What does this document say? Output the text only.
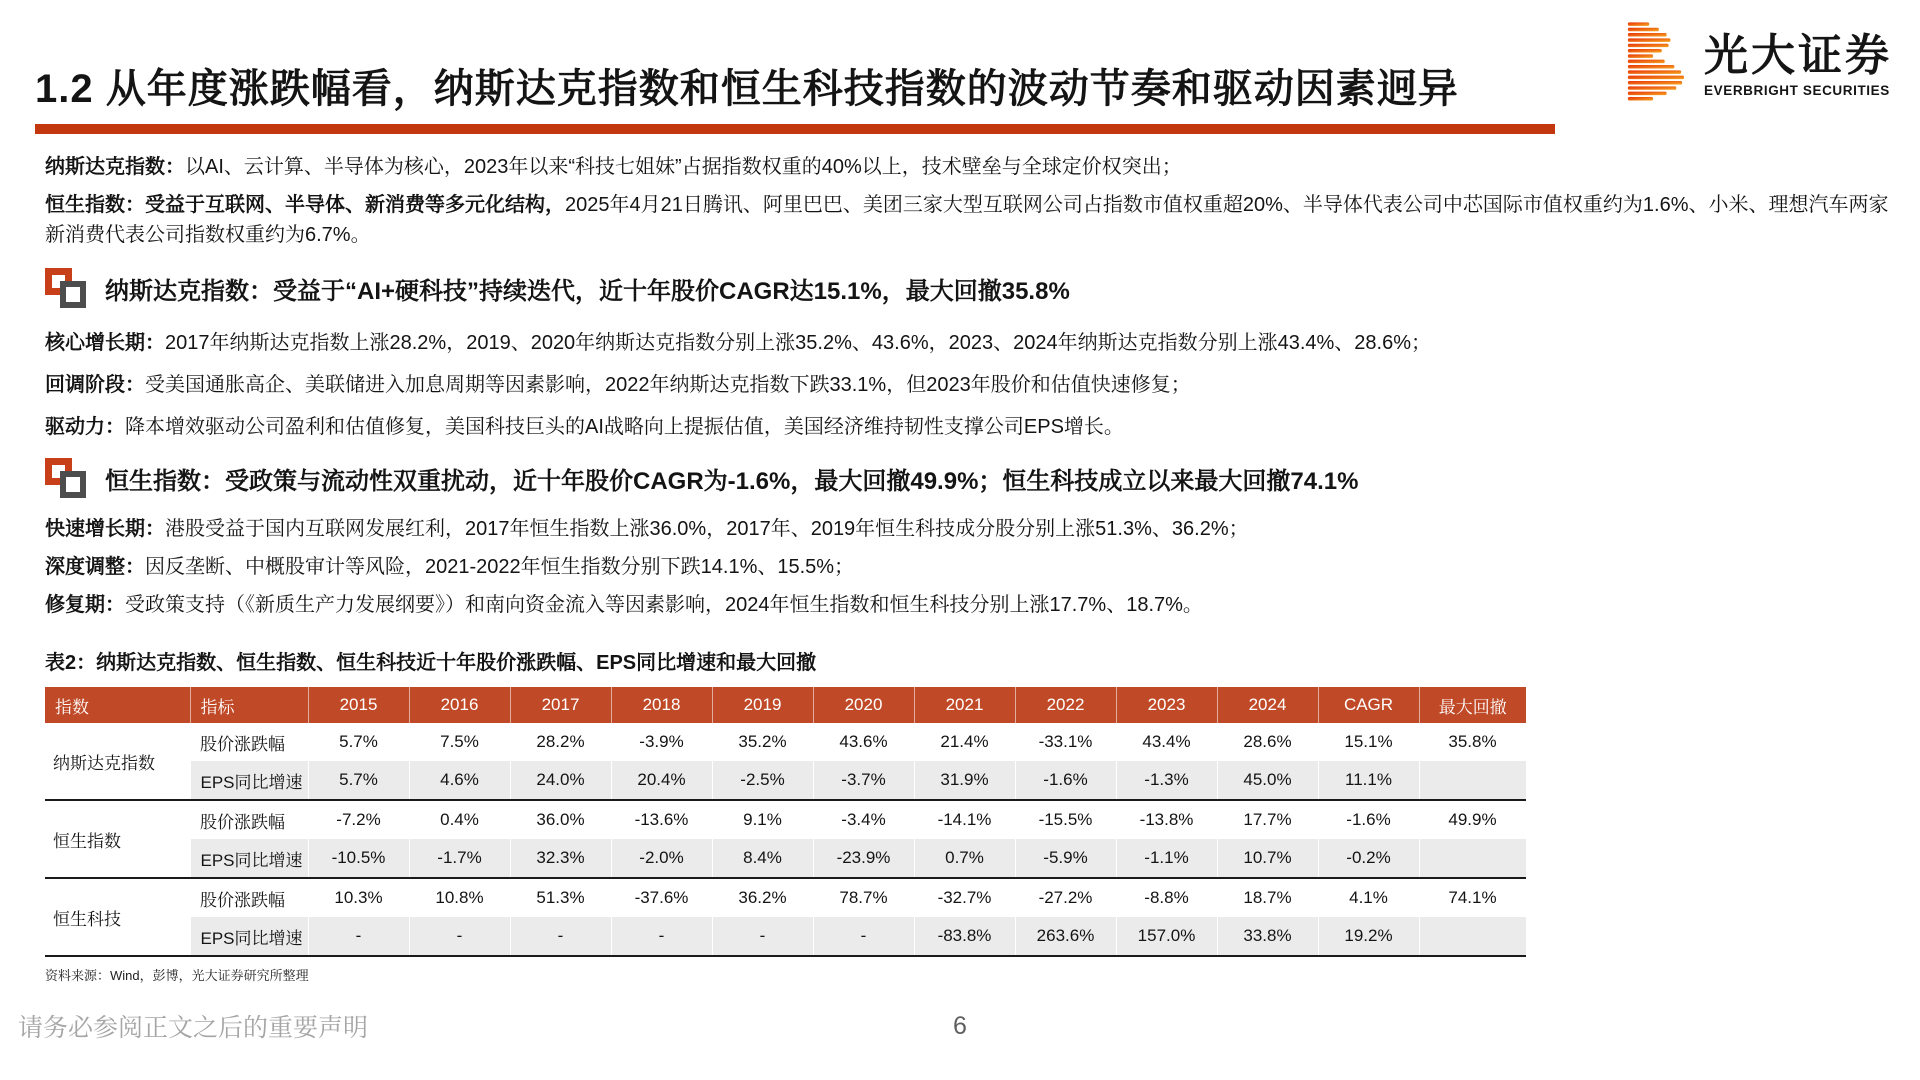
1.2 从年度涨跌幅看，纳斯达克指数和恒生科技指数的波动节奏和驱动因素迥异
光大证券
EVERBRIGHT SECURITIES

纳斯达克指数：以AI、云计算、半导体为核心，2023年以来“科技七姐妹”占据指数权重的40%以上，技术壁垒与全球定价权突出；

恒生指数：受益于互联网、半导体、新消费等多元化结构，2025年4月21日腾讯、阿里巴巴、美团三家大型互联网公司占指数市值权重超20%、半导体代表公司中芯国际市值权重约为1.6%、小米、理想汽车两家新消费代表公司指数权重约为6.7%。

纳斯达克指数：受益于“AI+硬科技”持续迭代，近十年股价CAGR达15.1%，最大回撤35.8%

核心增长期：2017年纳斯达克指数上涨28.2%，2019、2020年纳斯达克指数分别上涨35.2%、43.6%，2023、2024年纳斯达克指数分别上涨43.4%、28.6%；

回调阶段：受美国通胀高企、美联储进入加息周期等因素影响，2022年纳斯达克指数下跌33.1%，但2023年股价和估值快速修复；

驱动力：降本增效驱动公司盈利和估值修复，美国科技巨头的AI战略向上提振估值，美国经济维持韧性支撑公司EPS增长。

恒生指数：受政策与流动性双重扰动，近十年股价CAGR为-1.6%，最大回撤49.9%；恒生科技成立以来最大回撤74.1%

快速增长期：港股受益于国内互联网发展红利，2017年恒生指数上涨36.0%，2017年、2019年恒生科技成分股分别上涨51.3%、36.2%；

深度调整：因反垄断、中概股审计等风险，2021-2022年恒生指数分别下跌14.1%、15.5%；

修复期：受政策支持（《新质生产力发展纲要》）和南向资金流入等因素影响，2024年恒生指数和恒生科技分别上涨17.7%、18.7%。

表2：纳斯达克指数、恒生指数、恒生科技近十年股价涨跌幅、EPS同比增速和最大回撤
指数	指标	2015	2016	2017	2018	2019	2020	2021	2022	2023	2024	CAGR	最大回撤
纳斯达克指数	股价涨跌幅	5.7%	7.5%	28.2%	-3.9%	35.2%	43.6%	21.4%	-33.1%	43.4%	28.6%	15.1%	35.8%
	EPS同比增速	5.7%	4.6%	24.0%	20.4%	-2.5%	-3.7%	31.9%	-1.6%	-1.3%	45.0%	11.1%	
恒生指数	股价涨跌幅	-7.2%	0.4%	36.0%	-13.6%	9.1%	-3.4%	-14.1%	-15.5%	-13.8%	17.7%	-1.6%	49.9%
	EPS同比增速	-10.5%	-1.7%	32.3%	-2.0%	8.4%	-23.9%	0.7%	-5.9%	-1.1%	10.7%	-0.2%	
恒生科技	股价涨跌幅	10.3%	10.8%	51.3%	-37.6%	36.2%	78.7%	-32.7%	-27.2%	-8.8%	18.7%	4.1%	74.1%
	EPS同比增速	-	-	-	-	-	-	-83.8%	263.6%	157.0%	33.8%	19.2%	
资料来源：Wind，彭博，光大证券研究所整理
请务必参阅正文之后的重要声明	6
